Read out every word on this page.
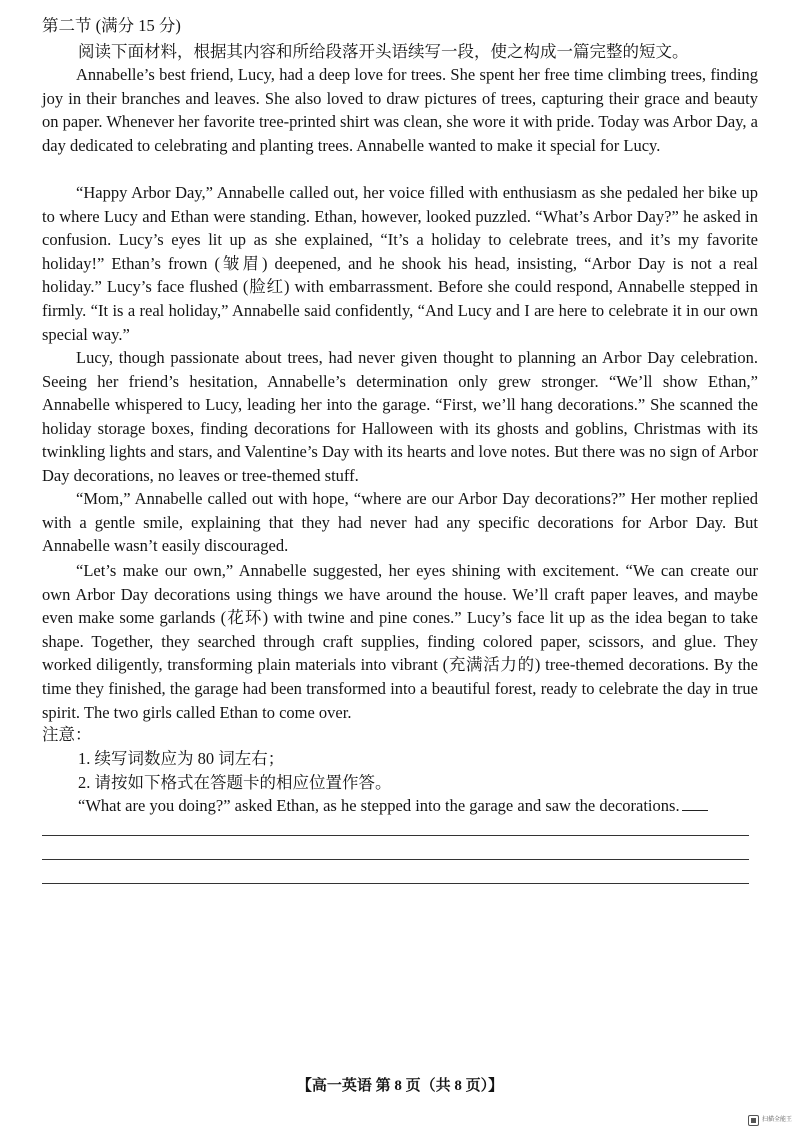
第二节 (满分 15 分)
阅读下面材料，根据其内容和所给段落开头语续写一段，使之构成一篇完整的短文。

Annabelle’s best friend, Lucy, had a deep love for trees. She spent her free time climbing trees, finding joy in their branches and leaves. She also loved to draw pictures of trees, capturing their grace and beauty on paper. Whenever her favorite tree-printed shirt was clean, she wore it with pride. Today was Arbor Day, a day dedicated to celebrating and planting trees. Annabelle wanted to make it special for Lucy.

“Happy Arbor Day,” Annabelle called out, her voice filled with enthusiasm as she pedaled her bike up to where Lucy and Ethan were standing. Ethan, however, looked puzzled. “What’s Arbor Day?” he asked in confusion. Lucy’s eyes lit up as she explained, “It’s a holiday to celebrate trees, and it’s my favorite holiday!” Ethan’s frown (皱眉) deepened, and he shook his head, insisting, “Arbor Day is not a real holiday.” Lucy’s face flushed (脸红) with embarrassment. Before she could respond, Annabelle stepped in firmly. “It is a real holiday,” Annabelle said confidently, “And Lucy and I are here to celebrate it in our own special way.”

Lucy, though passionate about trees, had never given thought to planning an Arbor Day celebration. Seeing her friend’s hesitation, Annabelle’s determination only grew stronger. “We’ll show Ethan,” Annabelle whispered to Lucy, leading her into the garage. “First, we’ll hang decorations.” She scanned the holiday storage boxes, finding decorations for Halloween with its ghosts and goblins, Christmas with its twinkling lights and stars, and Valentine’s Day with its hearts and love notes. But there was no sign of Arbor Day decorations, no leaves or tree-themed stuff.

“Mom,” Annabelle called out with hope, “where are our Arbor Day decorations?” Her mother replied with a gentle smile, explaining that they had never had any specific decorations for Arbor Day. But Annabelle wasn’t easily discouraged.

“Let’s make our own,” Annabelle suggested, her eyes shining with excitement. “We can create our own Arbor Day decorations using things we have around the house. We’ll craft paper leaves, and maybe even make some garlands (花环) with twine and pine cones.” Lucy’s face lit up as the idea began to take shape. Together, they searched through craft supplies, finding colored paper, scissors, and glue. They worked diligently, transforming plain materials into vibrant (充满活力的) tree-themed decorations. By the time they finished, the garage had been transformed into a beautiful forest, ready to celebrate the day in true spirit. The two girls called Ethan to come over.

注意：
1. 续写词数应为 80 词左右；
2. 请按如下格式在答题卡的相应位置作答。
“What are you doing?” asked Ethan, as he stepped into the garage and saw the decorations.
【高一英语 第 8 页（共 8 页）】
扫描全能王
